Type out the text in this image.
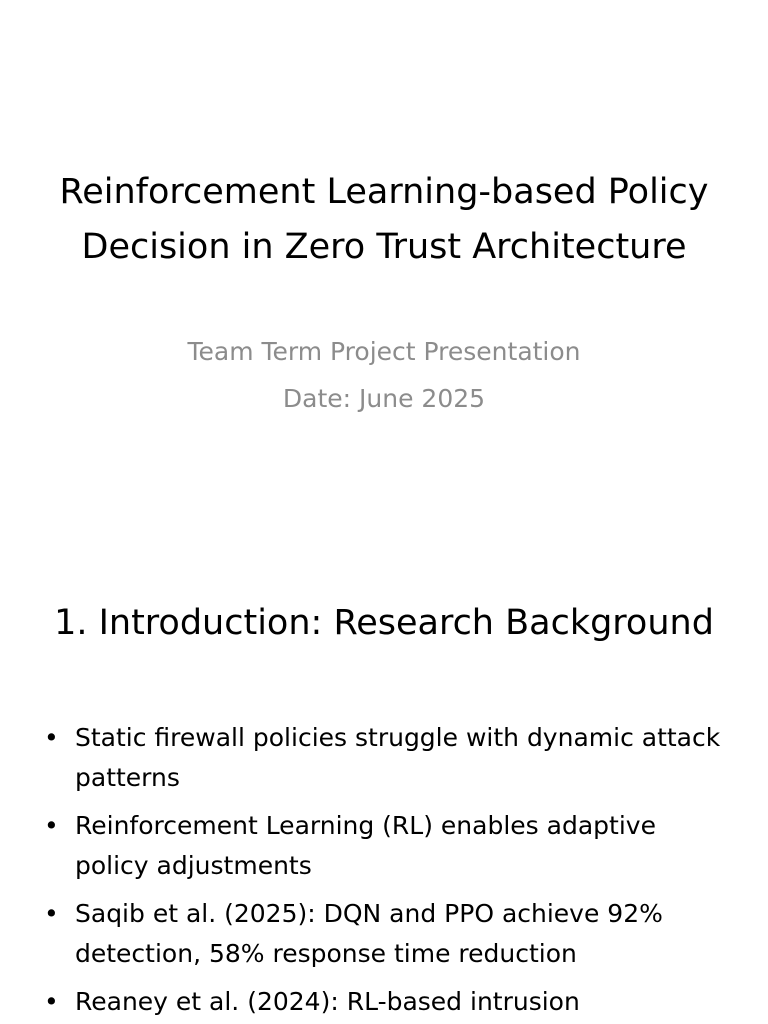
Reinforcement Learning-based Policy Decision in Zero Trust Architecture

Team Term Project Presentation

Date: June 2025

1. Introduction: Research Background
• Static firewall policies struggle with dynamic attack patterns
• Reinforcement Learning (RL) enables adaptive policy adjustments
• Saqib et al. (2025): DQN and PPO achieve 92% detection, 58% response time reduction
• Reaney et al. (2024): RL-based intrusion
